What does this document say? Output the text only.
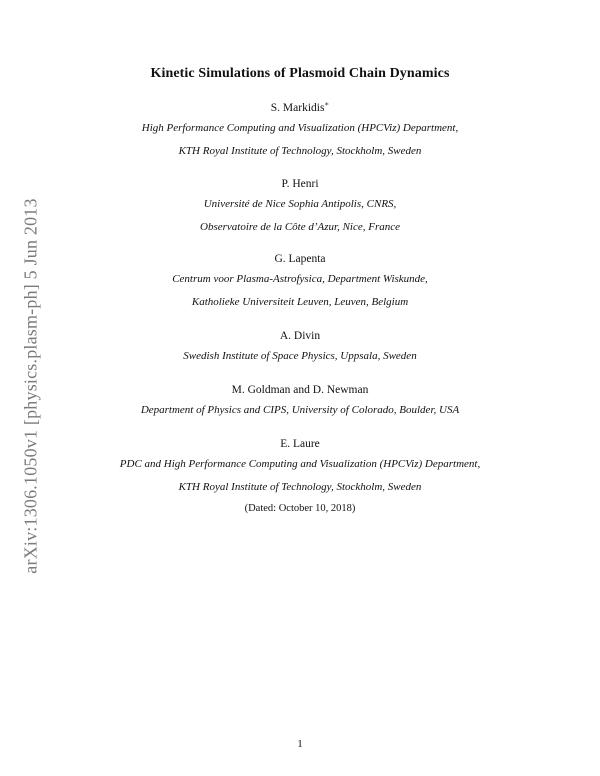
Kinetic Simulations of Plasmoid Chain Dynamics
S. Markidis∗
High Performance Computing and Visualization (HPCViz) Department,
KTH Royal Institute of Technology, Stockholm, Sweden
P. Henri
Université de Nice Sophia Antipolis, CNRS,
Observatoire de la Côte d’Azur, Nice, France
G. Lapenta
Centrum voor Plasma-Astrofysica, Department Wiskunde,
Katholieke Universiteit Leuven, Leuven, Belgium
A. Divin
Swedish Institute of Space Physics, Uppsala, Sweden
M. Goldman and D. Newman
Department of Physics and CIPS, University of Colorado, Boulder, USA
E. Laure
PDC and High Performance Computing and Visualization (HPCViz) Department,
KTH Royal Institute of Technology, Stockholm, Sweden
(Dated: October 10, 2018)
arXiv:1306.1050v1 [physics.plasm-ph] 5 Jun 2013
1
